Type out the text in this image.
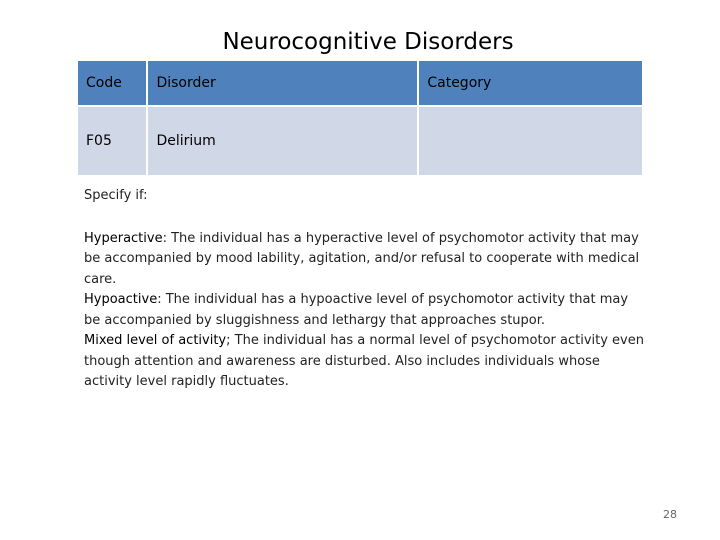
Neurocognitive Disorders
Code	Disorder	Category
F05	Delirium	

Specify if:

Hyperactive: The individual has a hyperactive level of psychomotor activity that may be accompanied by mood lability, agitation, and/or refusal to cooperate with medical care.

Hypoactive: The individual has a hypoactive level of psychomotor activity that may be accompanied by sluggishness and lethargy that approaches stupor.

Mixed level of activity; The individual has a normal level of psychomotor activity even though attention and awareness are disturbed. Also includes individuals whose activity level rapidly fluctuates.

28
